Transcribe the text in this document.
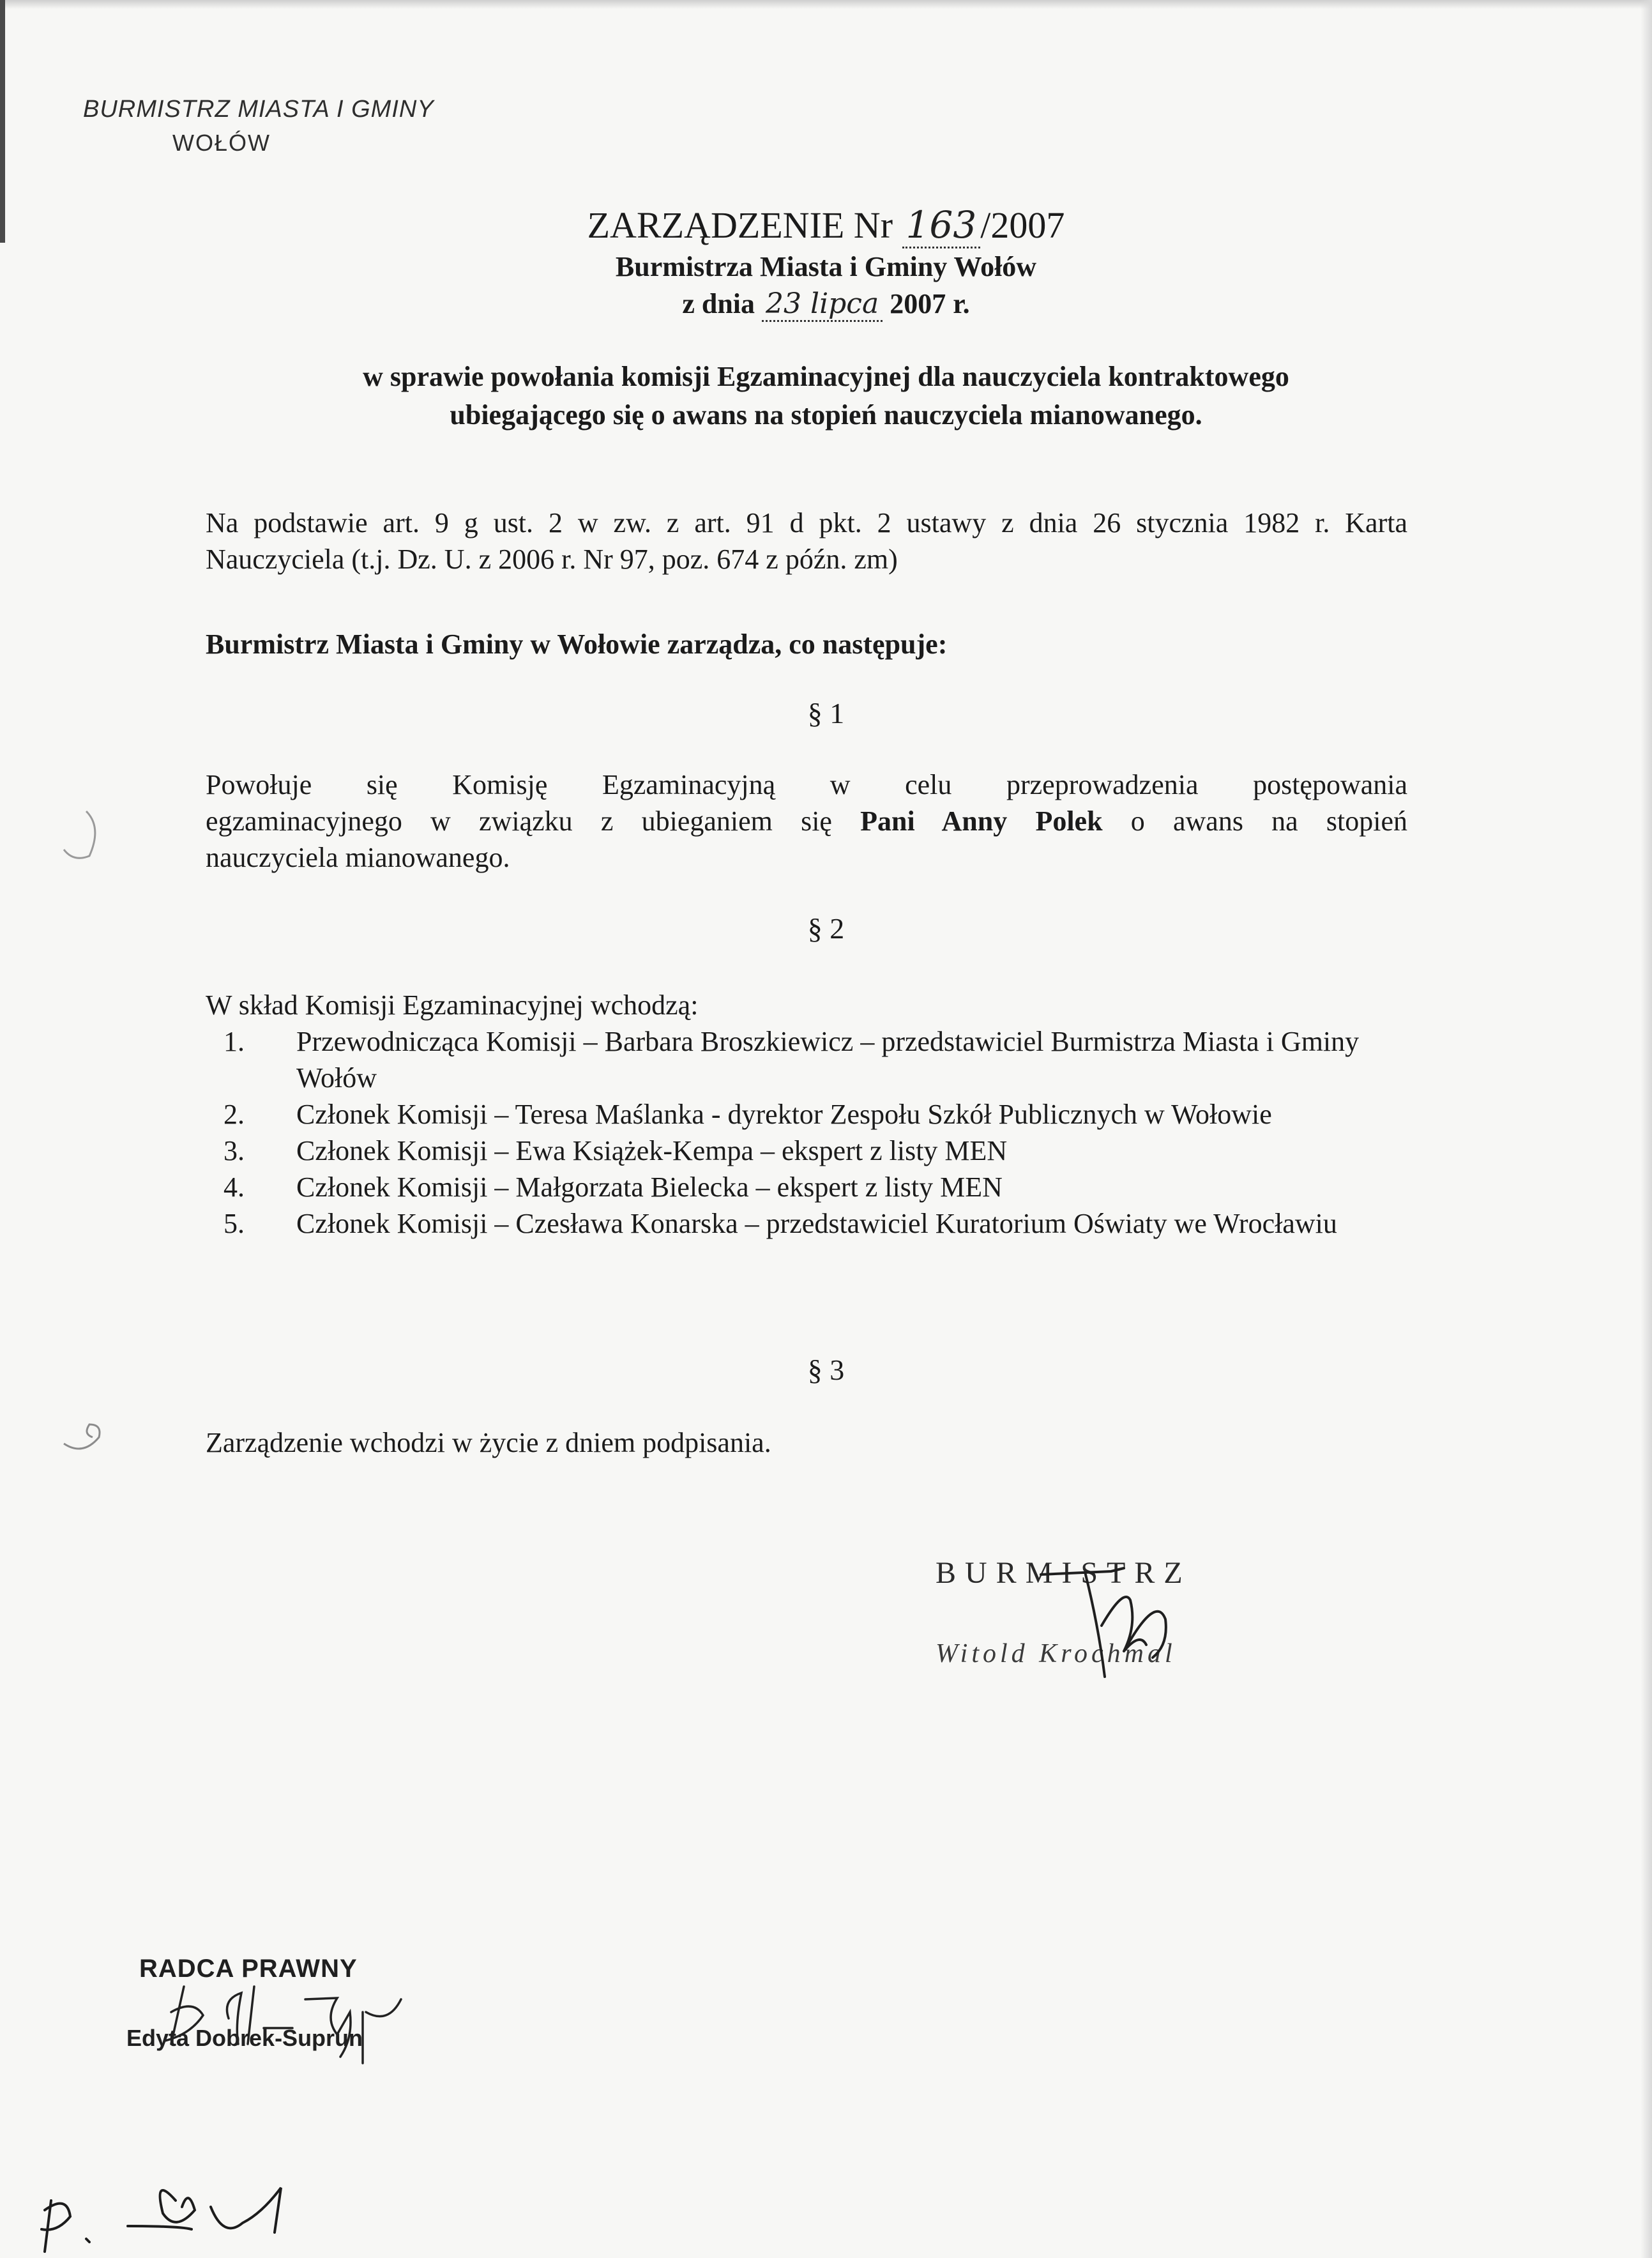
BURMISTRZ MIASTA I GMINY
WOŁÓW
ZARZĄDZENIE Nr 163 /2007
Burmistrza Miasta i Gminy Wołów
z dnia 23 lipca 2007 r.
w sprawie powołania komisji Egzaminacyjnej dla nauczyciela kontraktowego
ubiegającego się o awans na stopień nauczyciela mianowanego.
Na podstawie art. 9 g ust. 2 w zw. z art. 91 d pkt. 2 ustawy z dnia 26 stycznia 1982 r. Karta
Nauczyciela (t.j. Dz. U. z 2006 r. Nr 97, poz. 674 z późn. zm)
Burmistrz Miasta i Gminy w Wołowie zarządza, co następuje:
§ 1
Powołuje się Komisję Egzaminacyjną w celu przeprowadzenia postępowania
egzaminacyjnego w związku z ubieganiem się Pani Anny Polek o awans na stopień
nauczyciela mianowanego.
§ 2
W skład Komisji Egzaminacyjnej wchodzą:
1.	Przewodnicząca Komisji – Barbara Broszkiewicz – przedstawiciel Burmistrza Miasta i Gminy Wołów
2.	Członek Komisji – Teresa Maślanka - dyrektor Zespołu Szkół Publicznych w Wołowie
3.	Członek Komisji – Ewa Książek-Kempa – ekspert z listy MEN
4.	Członek Komisji – Małgorzata Bielecka – ekspert z listy MEN
5.	Członek Komisji – Czesława Konarska – przedstawiciel Kuratorium Oświaty we Wrocławiu
§ 3
Zarządzenie wchodzi w życie z dniem podpisania.
BURMISTRZ
Witold Krochmal
RADCA PRAWNY
Edyta Dobrek-Suprun
